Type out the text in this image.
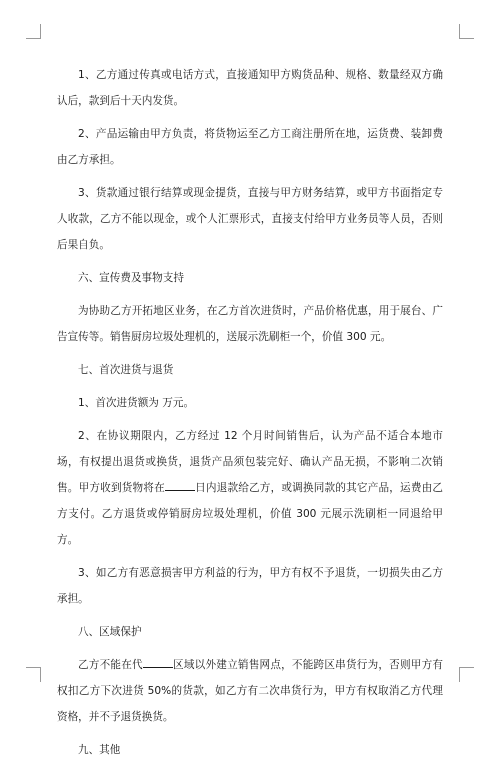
1、乙方通过传真或电话方式，直接通知甲方购货品种、规格、数量经双方确认后，款到后十天内发货。

2、产品运输由甲方负责，将货物运至乙方工商注册所在地，运货费、装卸费由乙方承担。

3、货款通过银行结算或现金提货，直接与甲方财务结算，或甲方书面指定专人收款，乙方不能以现金，或个人汇票形式，直接支付给甲方业务员等人员，否则后果自负。

六、宣传费及事物支持

为协助乙方开拓地区业务，在乙方首次进货时，产品价格优惠，用于展台、广告宣传等。销售厨房垃圾处理机的，送展示洗刷柜一个，价值 300 元。

七、首次进货与退货

1、首次进货额为 万元。

2、在协议期限内，乙方经过 12 个月时间销售后，认为产品不适合本地市场，有权提出退货或换货，退货产品须包装完好、确认产品无损，不影响二次销售。甲方收到货物将在	日内退款给乙方，或调换同款的其它产品，运费由乙方支付。乙方退货或停销厨房垃圾处理机，价值 300 元展示洗刷柜一同退给甲方。

3、如乙方有恶意损害甲方利益的行为，甲方有权不予退货，一切损失由乙方承担。

八、区域保护

乙方不能在代	区域以外建立销售网点，不能跨区串货行为，否则甲方有权扣乙方下次进货 50%的货款，如乙方有二次串货行为，甲方有权取消乙方代理资格，并不予退货换货。

九、其他
